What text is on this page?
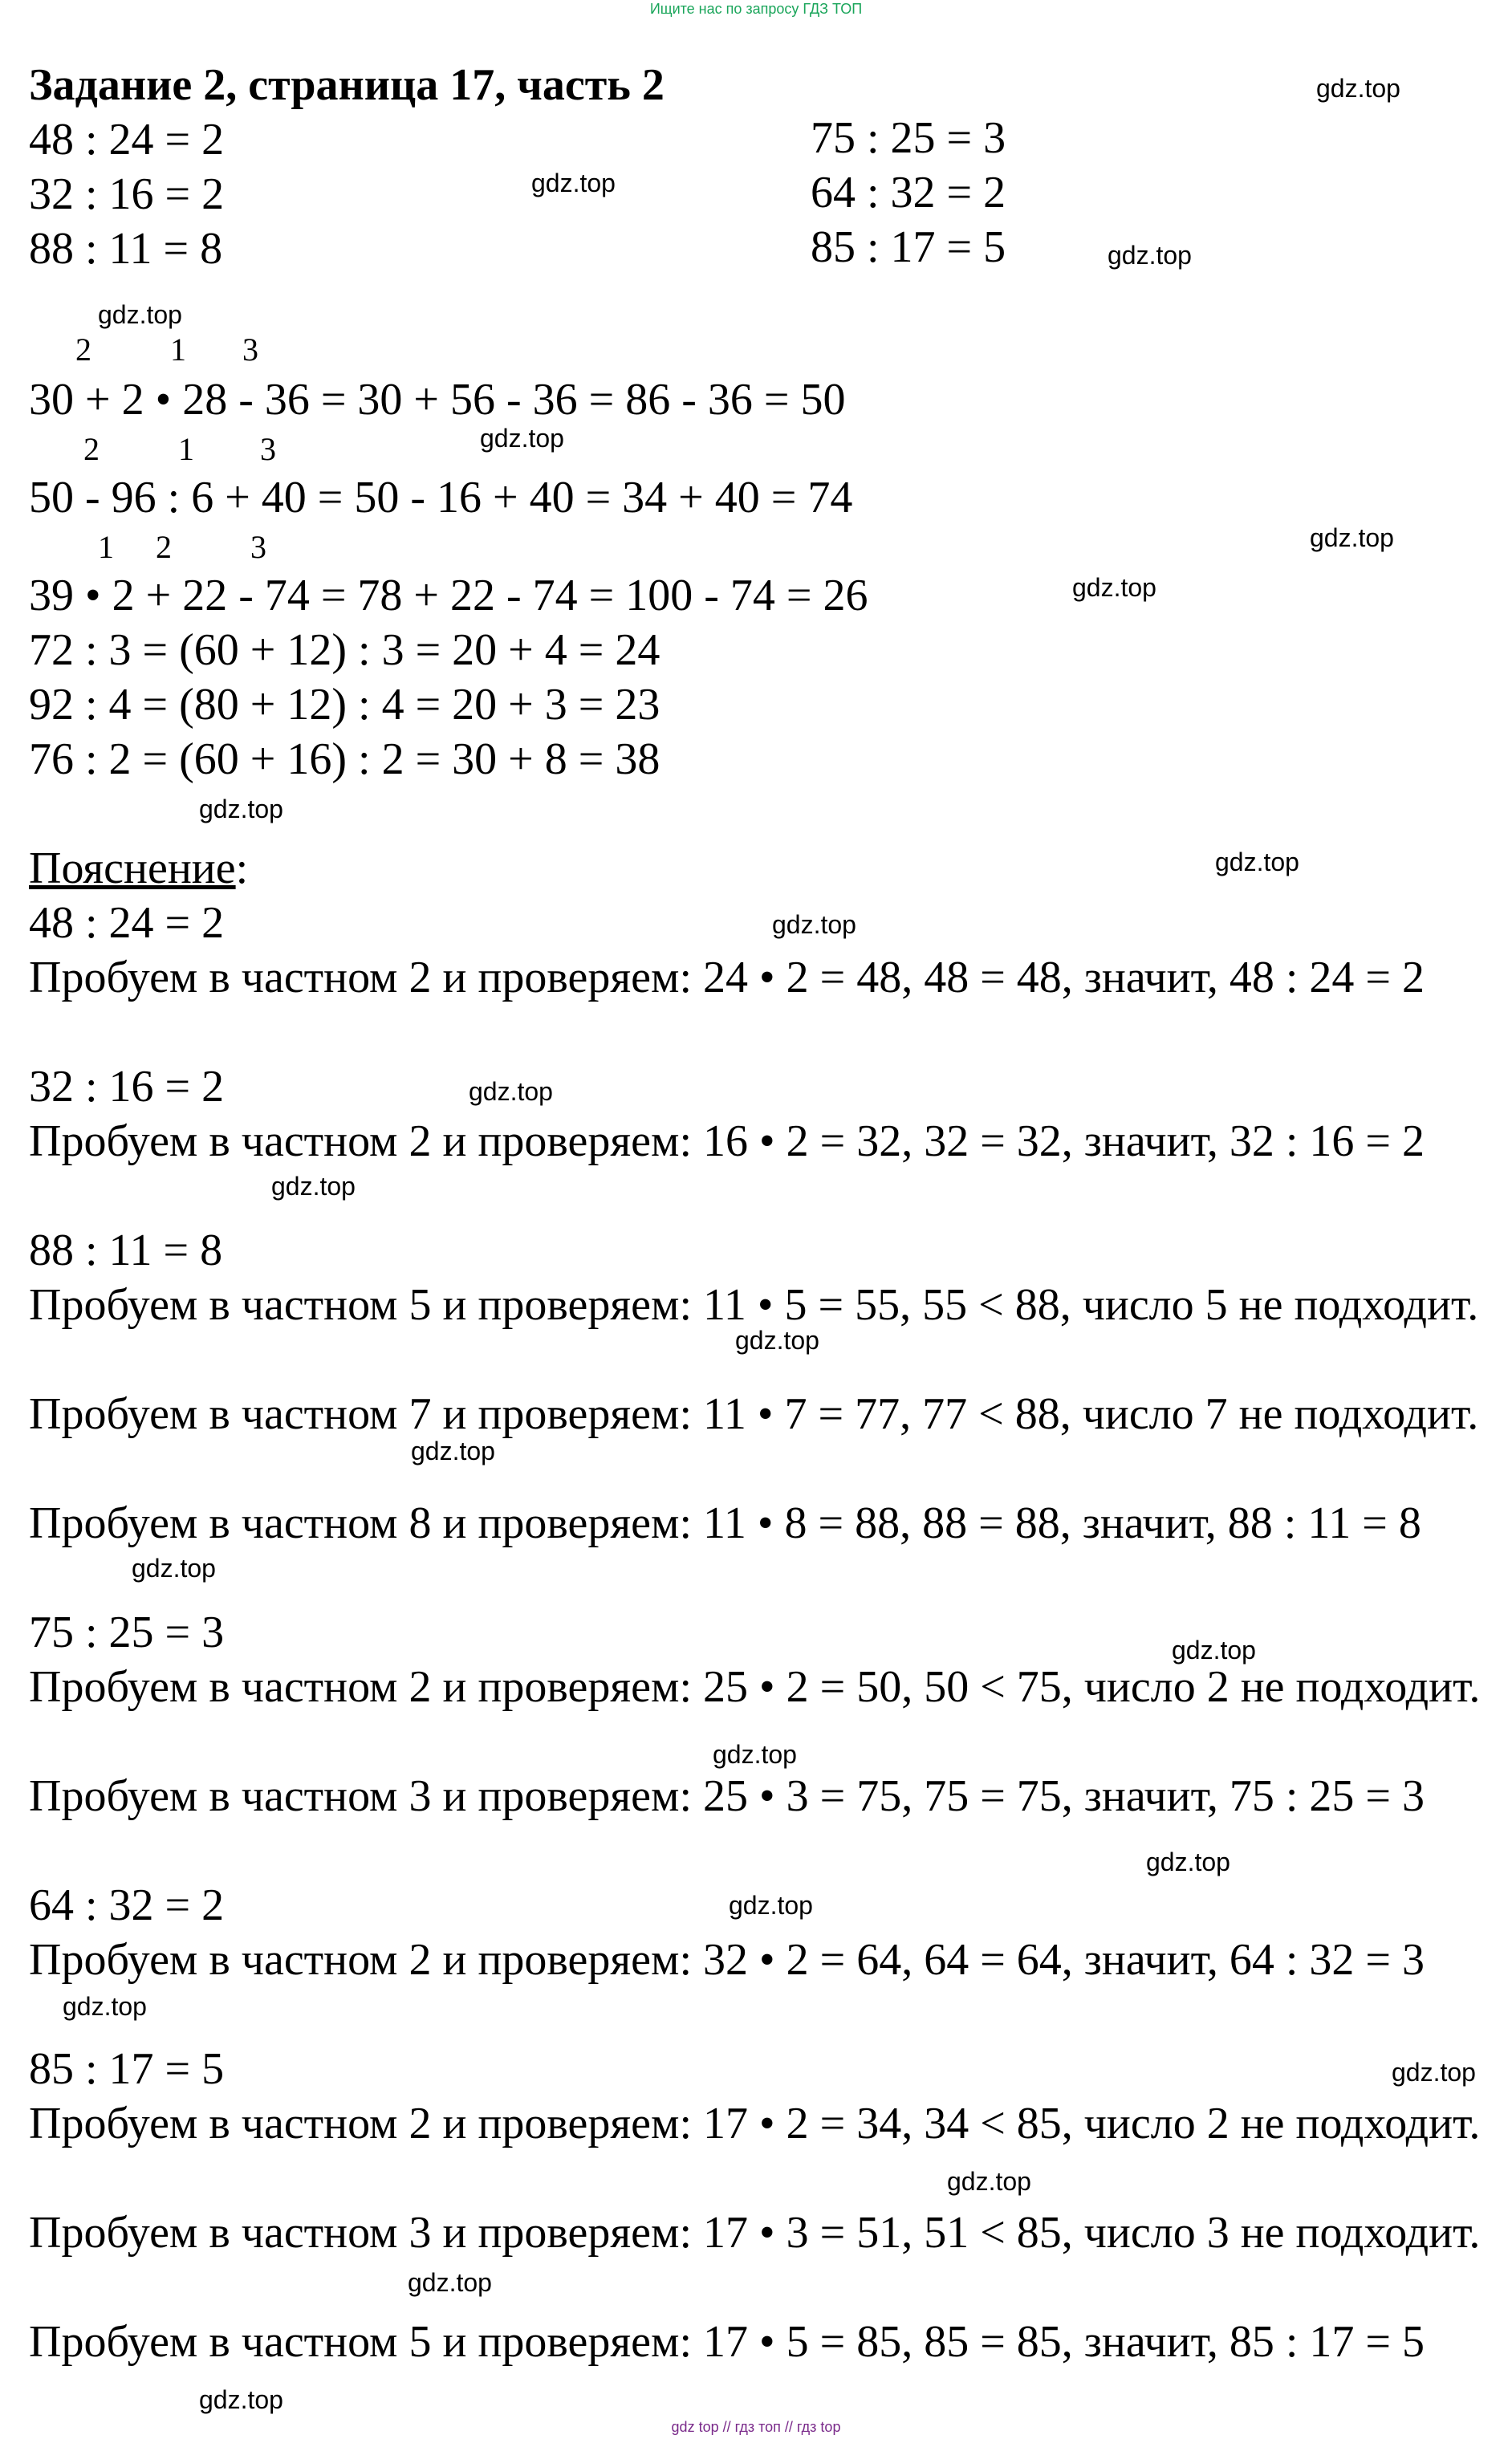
Ищите нас по запросу ГДЗ ТОП
Задание 2, страница 17, часть 2
48 : 24 = 2
32 : 16 = 2
88 : 11 = 8
75 : 25 = 3
64 : 32 = 2
85 : 17 = 5
2 1 3
30 + 2 • 28 - 36 = 30 + 56 - 36 = 86 - 36 = 50
2 1 3
50 - 96 : 6 + 40 = 50 - 16 + 40 = 34 + 40 = 74
1 2 3
39 • 2 + 22 - 74 = 78 + 22 - 74 = 100 - 74 = 26
72 : 3 = (60 + 12) : 3 = 20 + 4 = 24
92 : 4 = (80 + 12) : 4 = 20 + 3 = 23
76 : 2 = (60 + 16) : 2 = 30 + 8 = 38
Пояснение:
48 : 24 = 2
Пробуем в частном 2 и проверяем: 24 • 2 = 48, 48 = 48, значит, 48 : 24 = 2
32 : 16 = 2
Пробуем в частном 2 и проверяем: 16 • 2 = 32, 32 = 32, значит, 32 : 16 = 2
88 : 11 = 8
Пробуем в частном 5 и проверяем: 11 • 5 = 55, 55 < 88, число 5 не подходит.
Пробуем в частном 7 и проверяем: 11 • 7 = 77, 77 < 88, число 7 не подходит.
Пробуем в частном 8 и проверяем: 11 • 8 = 88, 88 = 88, значит, 88 : 11 = 8
75 : 25 = 3
Пробуем в частном 2 и проверяем: 25 • 2 = 50, 50 < 75, число 2 не подходит.
Пробуем в частном 3 и проверяем: 25 • 3 = 75, 75 = 75, значит, 75 : 25 = 3
64 : 32 = 2
Пробуем в частном 2 и проверяем: 32 • 2 = 64, 64 = 64, значит, 64 : 32 = 3
85 : 17 = 5
Пробуем в частном 2 и проверяем: 17 • 2 = 34, 34 < 85, число 2 не подходит.
Пробуем в частном 3 и проверяем: 17 • 3 = 51, 51 < 85, число 3 не подходит.
Пробуем в частном 5 и проверяем: 17 • 5 = 85, 85 = 85, значит, 85 : 17 = 5
gdz.top
gdz.top
gdz.top
gdz.top
gdz.top
gdz.top
gdz.top
gdz.top
gdz.top
gdz.top
gdz.top
gdz.top
gdz.top
gdz.top
gdz.top
gdz.top
gdz.top
gdz.top
gdz.top
gdz.top
gdz.top
gdz.top
gdz.top
gdz.top
gdz top // гдз топ // гдз top
